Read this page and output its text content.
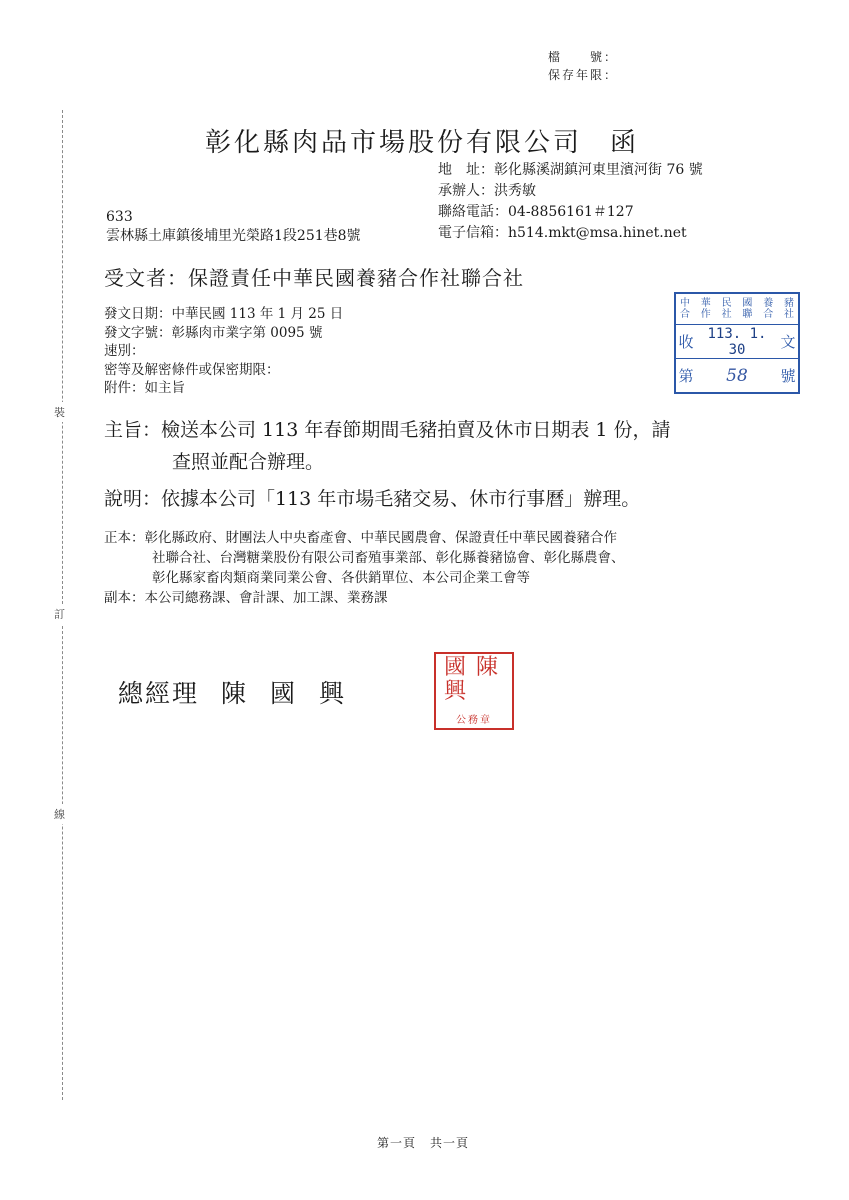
檔　　號：
保存年限：
裝
訂
線
彰化縣肉品市場股份有限公司 函
地　址：彰化縣溪湖鎮河東里濱河街 76 號
承辦人：洪秀敏
聯絡電話：04-8856161＃127
電子信箱：h514.mkt@msa.hinet.net
633
雲林縣土庫鎮後埔里光榮路1段251巷8號
受文者：保證責任中華民國養豬合作社聯合社
發文日期：中華民國 113 年 1 月 25 日
發文字號：彰縣肉市業字第 0095 號
速別：
密等及解密條件或保密期限：
附件：如主旨
中華民國養豬
合作社聯合社
收 113. 1. 30	文
第	58	號
主旨：檢送本公司 113 年春節期間毛豬拍賣及休市日期表 1 份，請
查照並配合辦理。
說明：依據本公司「113 年市場毛豬交易、休市行事曆」辦理。
正本：彰化縣政府、財團法人中央畜產會、中華民國農會、保證責任中華民國養豬合作
社聯合社、台灣糖業股份有限公司畜殖事業部、彰化縣養豬協會、彰化縣農會、
彰化縣家畜肉類商業同業公會、各供銷單位、本公司企業工會等
副本：本公司總務課、會計課、加工課、業務課
總經理 陳國興
陳
國
興
公務章
第一頁 共一頁
